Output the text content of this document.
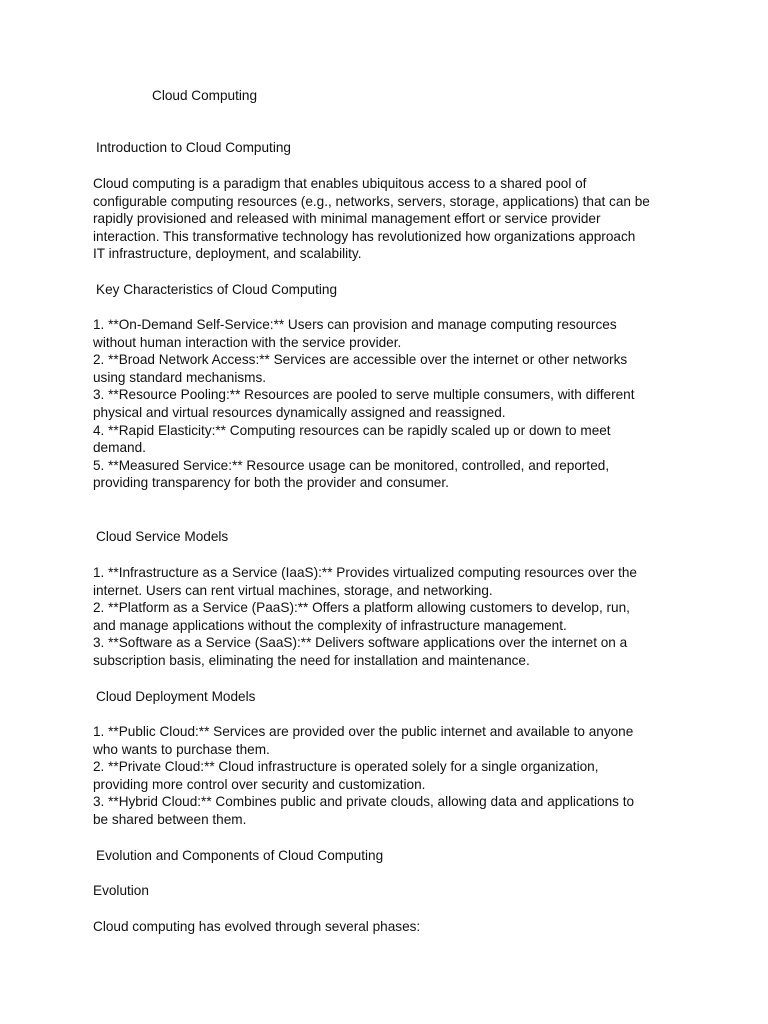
Cloud Computing
Introduction to Cloud Computing
Cloud computing is a paradigm that enables ubiquitous access to a shared pool of
configurable computing resources (e.g., networks, servers, storage, applications) that can be
rapidly provisioned and released with minimal management effort or service provider
interaction. This transformative technology has revolutionized how organizations approach
IT infrastructure, deployment, and scalability.
Key Characteristics of Cloud Computing
1. **On-Demand Self-Service:** Users can provision and manage computing resources
without human interaction with the service provider.
2. **Broad Network Access:** Services are accessible over the internet or other networks
using standard mechanisms.
3. **Resource Pooling:** Resources are pooled to serve multiple consumers, with different
physical and virtual resources dynamically assigned and reassigned.
4. **Rapid Elasticity:** Computing resources can be rapidly scaled up or down to meet
demand.
5. **Measured Service:** Resource usage can be monitored, controlled, and reported,
providing transparency for both the provider and consumer.
Cloud Service Models
1. **Infrastructure as a Service (IaaS):** Provides virtualized computing resources over the
internet. Users can rent virtual machines, storage, and networking.
2. **Platform as a Service (PaaS):** Offers a platform allowing customers to develop, run,
and manage applications without the complexity of infrastructure management.
3. **Software as a Service (SaaS):** Delivers software applications over the internet on a
subscription basis, eliminating the need for installation and maintenance.
Cloud Deployment Models
1. **Public Cloud:** Services are provided over the public internet and available to anyone
who wants to purchase them.
2. **Private Cloud:** Cloud infrastructure is operated solely for a single organization,
providing more control over security and customization.
3. **Hybrid Cloud:** Combines public and private clouds, allowing data and applications to
be shared between them.
Evolution and Components of Cloud Computing
Evolution
Cloud computing has evolved through several phases:
